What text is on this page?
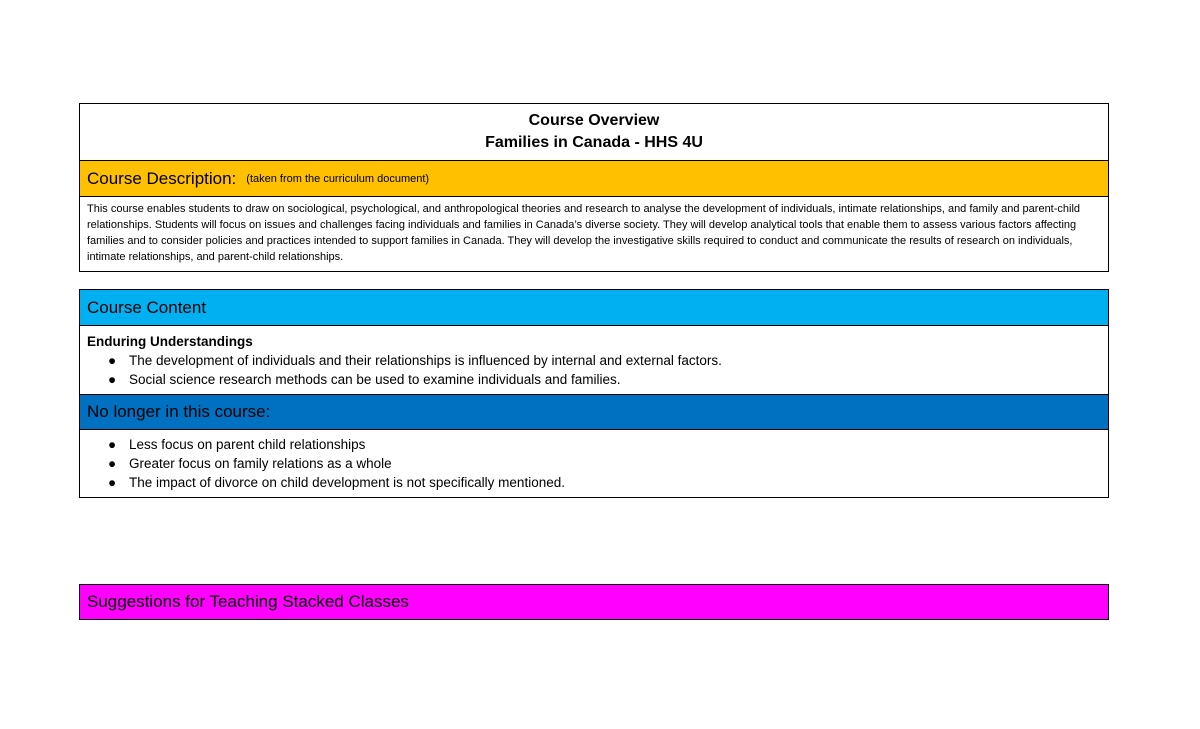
Course Overview
Families in Canada - HHS 4U
Course Description: (taken from the curriculum document)
This course enables students to draw on sociological, psychological, and anthropological theories and research to analyse the development of individuals, intimate relationships, and family and parent-child relationships. Students will focus on issues and challenges facing individuals and families in Canada’s diverse society. They will develop analytical tools that enable them to assess various factors affecting families and to consider policies and practices intended to support families in Canada. They will develop the investigative skills required to conduct and communicate the results of research on individuals, intimate relationships, and parent-child relationships.
Course Content
Enduring Understandings
● The development of individuals and their relationships is influenced by internal and external factors.
● Social science research methods can be used to examine individuals and families.
No longer in this course:
● Less focus on parent child relationships
● Greater focus on family relations as a whole
● The impact of divorce on child development is not specifically mentioned.
Suggestions for Teaching Stacked Classes
